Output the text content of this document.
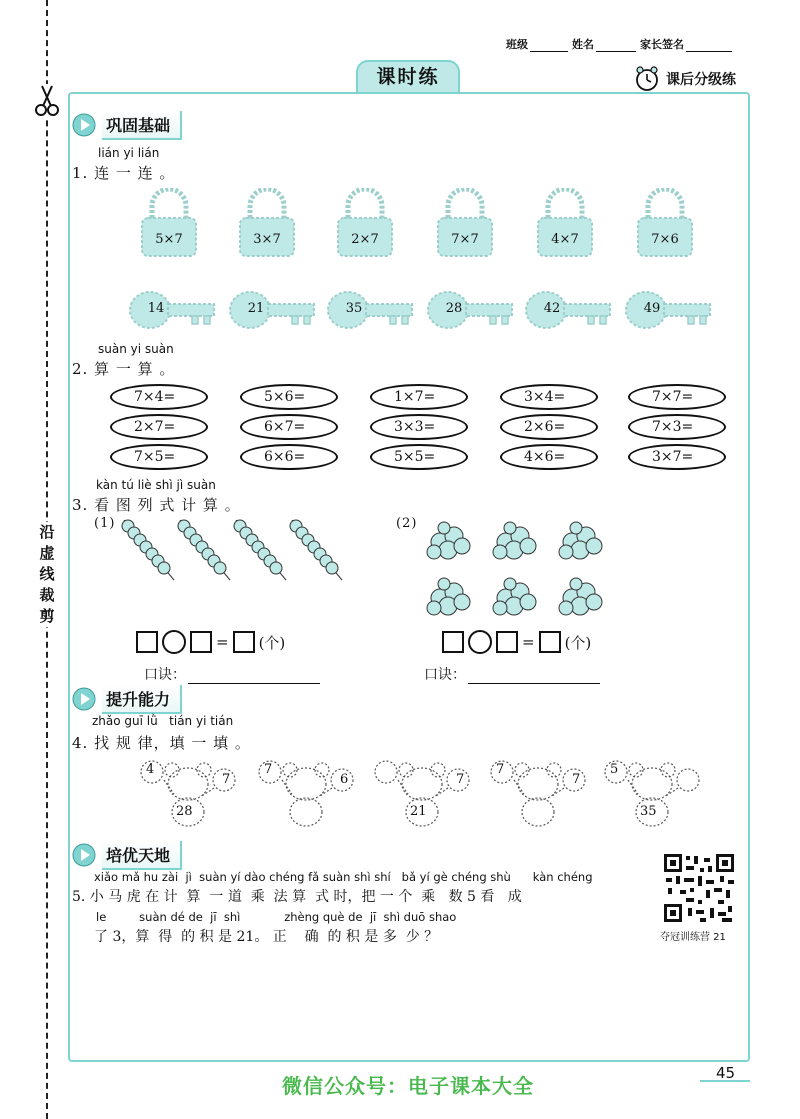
沿虚线裁剪
班级	姓名	家长签名
课时练	课后分级练
巩固基础
lián yi lián
1. 连 一 连 。
5×7	3×7	2×7	7×7	4×7	7×6
14	21	35	28	42	49
suàn yi suàn
2. 算 一 算 。
7×4=	5×6=	1×7=	3×4=	7×7=
2×7=	6×7=	3×3=	2×6=	7×3=
7×5=	6×6=	5×5=	4×6=	3×7=
kàn tú liè shì jì suàn
3. 看 图 列 式 计 算 。
(1)	(2)
= (个)	= (个)
口诀：	口诀：
提升能力
zhǎo guī lǜ   tián yi tián
4. 找 规 律，填 一 填 。
4
7
28
7
6	7
21
7
7
5
35
培优天地
xiǎo mǎ hu zài  jì  suàn yí dào chéng fǎ suàn shì shí   bǎ yí gè chéng shù      kàn chéng
5. 小 马 虎 在 计  算  一 道  乘  法 算  式 时，把 一 个  乘   数 5 看   成
le         suàn dé de  jī  shì            zhèng què de  jī  shì duō shao
了 3，算  得  的 积 是 21。 正    确  的 积 是 多  少 ？	夺冠训练营 21
45
微信公众号：电子课本大全
